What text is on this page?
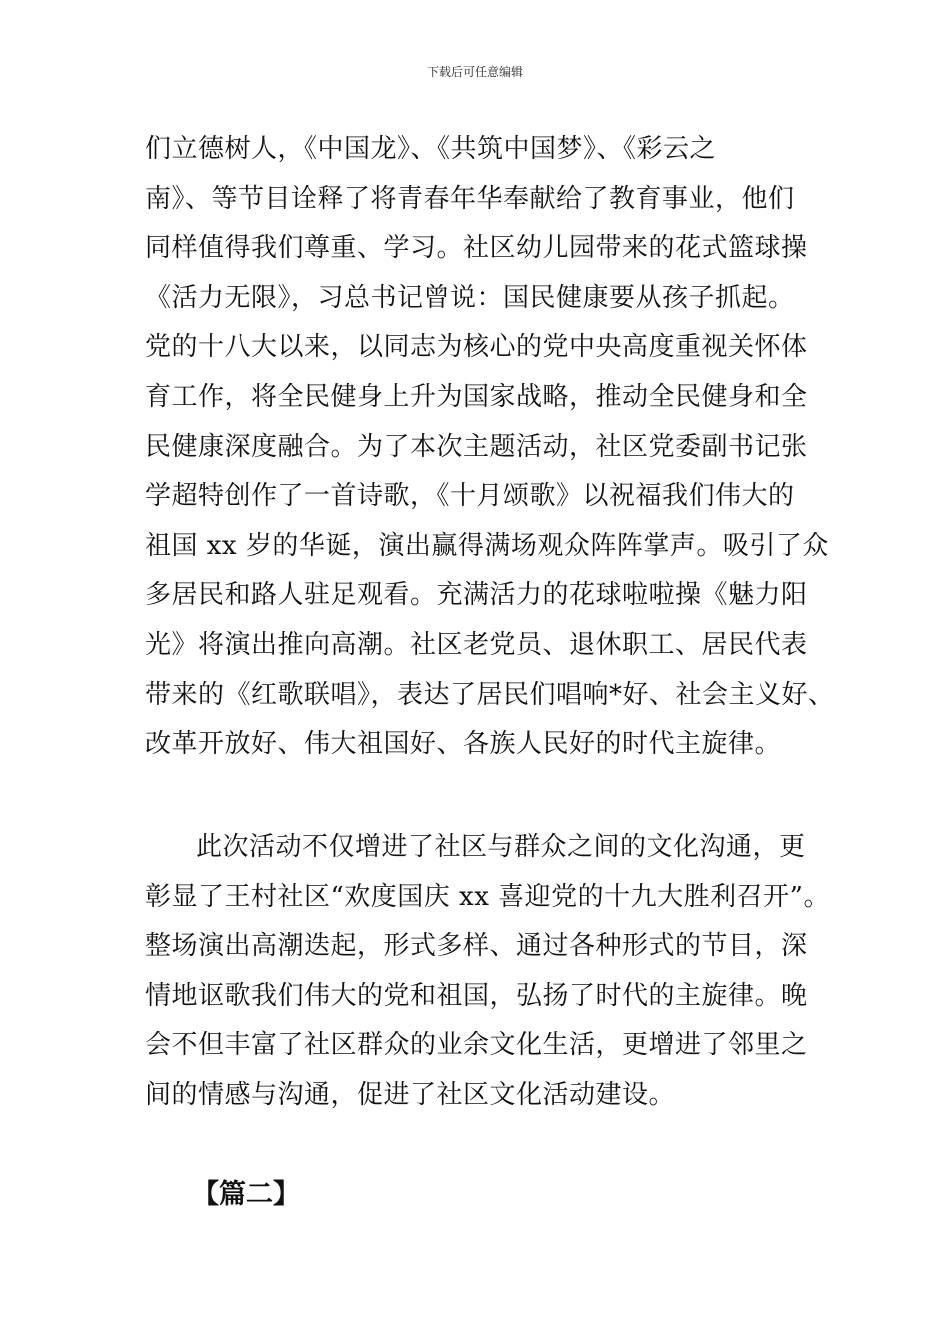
下载后可任意编辑
们立德树人，《中国龙》、《共筑中国梦》、《彩云之
南》、等节目诠释了将青春年华奉献给了教育事业，他们
同样值得我们尊重、学习。社区幼儿园带来的花式篮球操
《活力无限》，习总书记曾说：国民健康要从孩子抓起。
党的十八大以来，以同志为核心的党中央高度重视关怀体
育工作，将全民健身上升为国家战略，推动全民健身和全
民健康深度融合。为了本次主题活动，社区党委副书记张
学超特创作了一首诗歌，《十月颂歌》以祝福我们伟大的
祖国 xx 岁的华诞，演出赢得满场观众阵阵掌声。吸引了众
多居民和路人驻足观看。充满活力的花球啦啦操《魅力阳
光》将演出推向高潮。社区老党员、退休职工、居民代表
带来的《红歌联唱》，表达了居民们唱响*好、社会主义好、
改革开放好、伟大祖国好、各族人民好的时代主旋律。
　　此次活动不仅增进了社区与群众之间的文化沟通，更
彰显了王村社区“欢度国庆 xx 喜迎党的十九大胜利召开”。
整场演出高潮迭起，形式多样、通过各种形式的节目，深
情地讴歌我们伟大的党和祖国，弘扬了时代的主旋律。晚
会不但丰富了社区群众的业余文化生活，更增进了邻里之
间的情感与沟通，促进了社区文化活动建设。
【篇二】
